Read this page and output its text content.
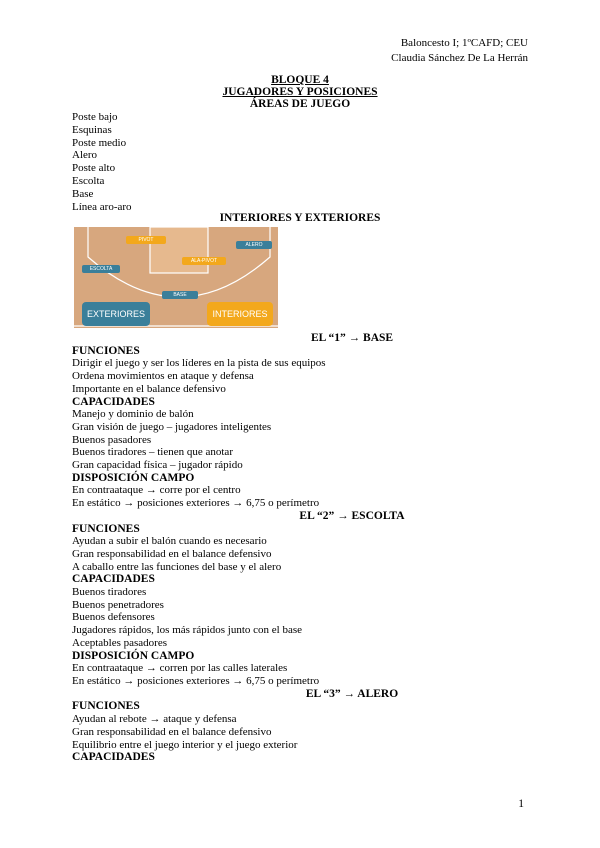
Baloncesto I; 1ºCAFD; CEU
Claudia Sánchez De La Herrán
BLOQUE 4
JUGADORES Y POSICIONES
ÁREAS DE JUEGO
Poste bajo
Esquinas
Poste medio
Alero
Poste alto
Escolta
Base
Línea aro-aro
INTERIORES Y EXTERIORES
PIVOT
ALERO
ALA-PIVOT
ESCOLTA
BASE
EXTERIORES	INTERIORES
EL “1” → BASE
FUNCIONES
Dirigir el juego y ser los líderes en la pista de sus equipos
Ordena movimientos en ataque y defensa
Importante en el balance defensivo
CAPACIDADES
Manejo y dominio de balón
Gran visión de juego – jugadores inteligentes
Buenos pasadores
Buenos tiradores – tienen que anotar
Gran capacidad física – jugador rápido
DISPOSICIÓN CAMPO
En contraataque → corre por el centro
En estático → posiciones exteriores → 6,75 o perímetro
EL “2” → ESCOLTA
FUNCIONES
Ayudan a subir el balón cuando es necesario
Gran responsabilidad en el balance defensivo
A caballo entre las funciones del base y el alero
CAPACIDADES
Buenos tiradores
Buenos penetradores
Buenos defensores
Jugadores rápidos, los más rápidos junto con el base
Aceptables pasadores
DISPOSICIÓN CAMPO
En contraataque → corren por las calles laterales
En estático → posiciones exteriores → 6,75 o perímetro
EL “3” → ALERO
FUNCIONES
Ayudan al rebote → ataque y defensa
Gran responsabilidad en el balance defensivo
Equilibrio entre el juego interior y el juego exterior
CAPACIDADES
1
